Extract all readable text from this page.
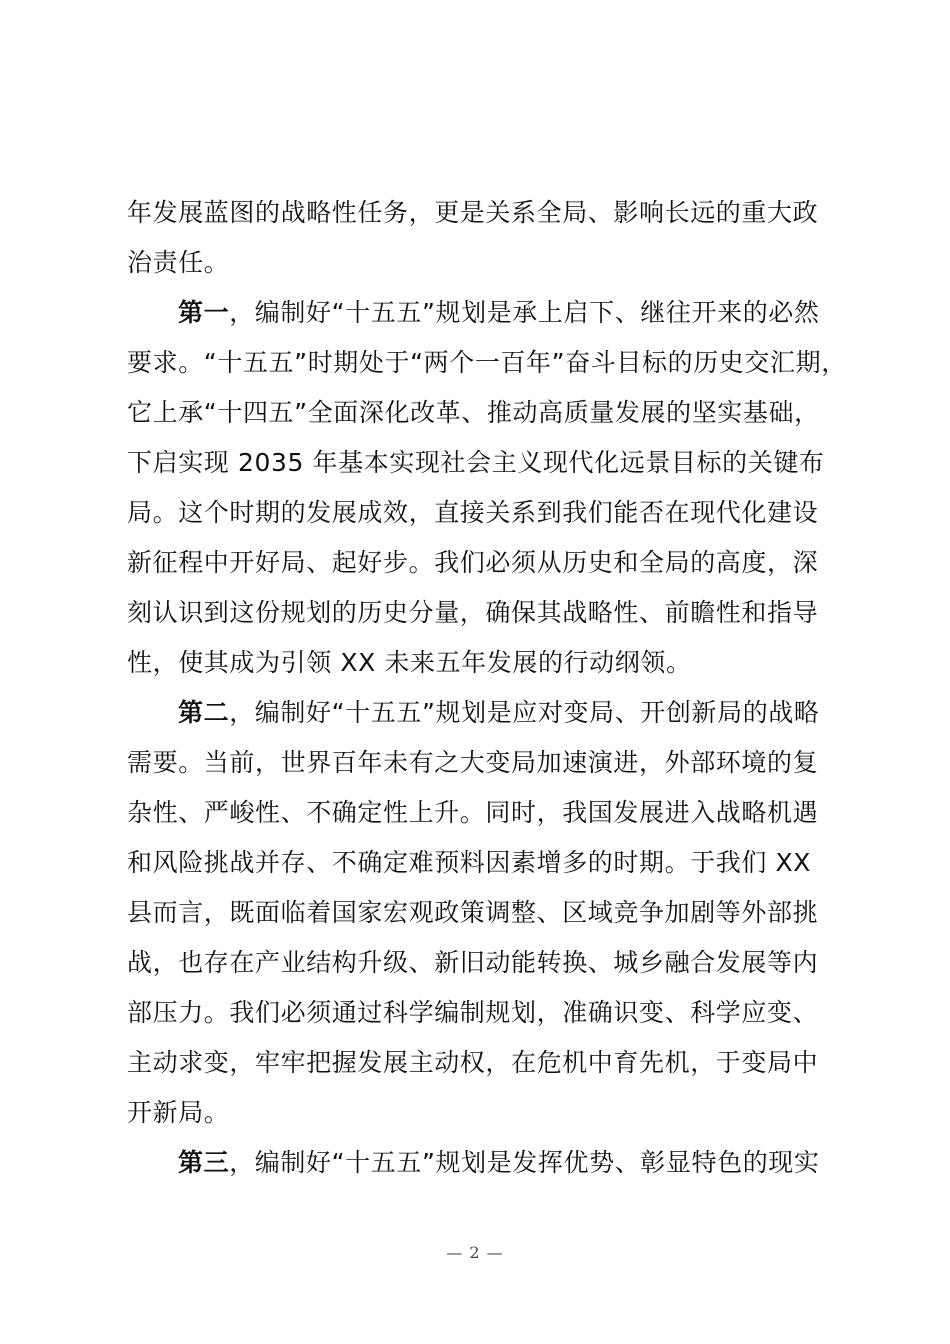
年发展蓝图的战略性任务，更是关系全局、影响长远的重大政
治责任。
第一，编制好“十五五”规划是承上启下、继往开来的必然
要求。“十五五”时期处于“两个一百年”奋斗目标的历史交汇期，
它上承“十四五”全面深化改革、推动高质量发展的坚实基础，
下启实现 2035 年基本实现社会主义现代化远景目标的关键布
局。这个时期的发展成效，直接关系到我们能否在现代化建设
新征程中开好局、起好步。我们必须从历史和全局的高度，深
刻认识到这份规划的历史分量，确保其战略性、前瞻性和指导
性，使其成为引领 XX 未来五年发展的行动纲领。
第二，编制好“十五五”规划是应对变局、开创新局的战略
需要。当前，世界百年未有之大变局加速演进，外部环境的复
杂性、严峻性、不确定性上升。同时，我国发展进入战略机遇
和风险挑战并存、不确定难预料因素增多的时期。于我们 XX
县而言，既面临着国家宏观政策调整、区域竞争加剧等外部挑
战，也存在产业结构升级、新旧动能转换、城乡融合发展等内
部压力。我们必须通过科学编制规划，准确识变、科学应变、
主动求变，牢牢把握发展主动权，在危机中育先机，于变局中
开新局。
第三，编制好“十五五”规划是发挥优势、彰显特色的现实
— 2 —
